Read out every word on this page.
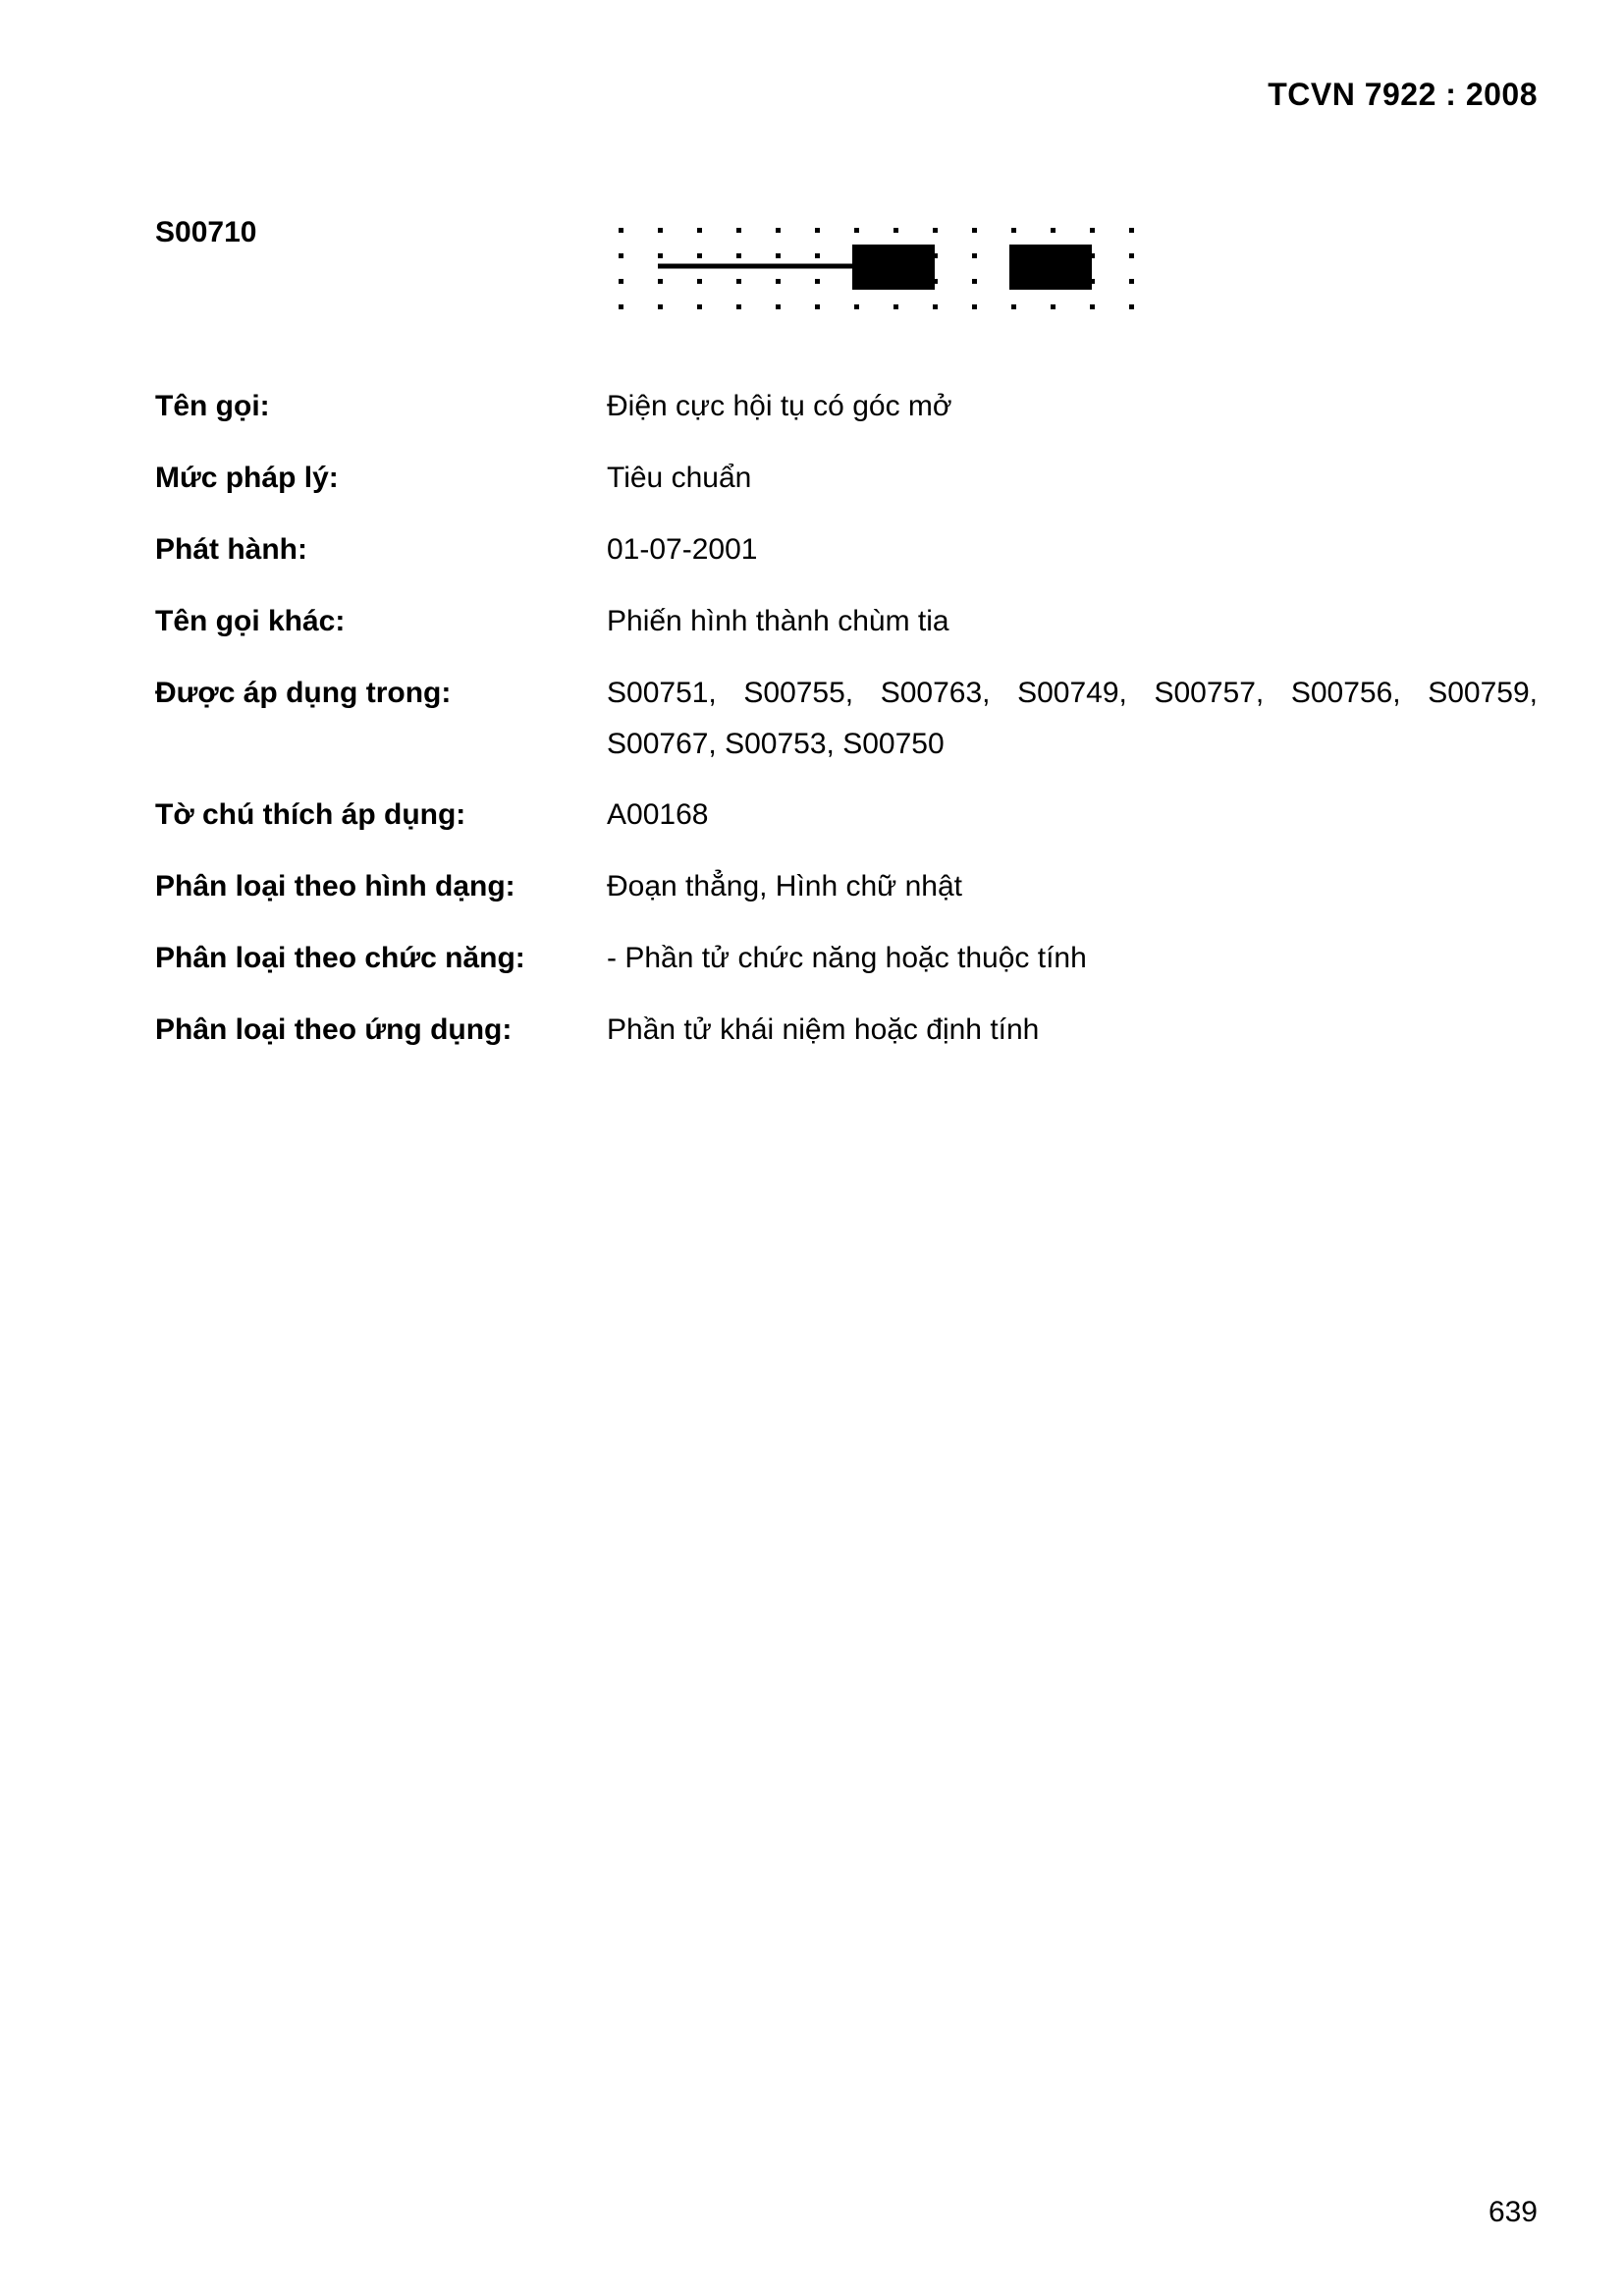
TCVN 7922 : 2008
S00710
Tên gọi:	Điện cực hội tụ có góc mở
Mức pháp lý:	Tiêu chuẩn
Phát hành:	01-07-2001
Tên gọi khác:	Phiến hình thành chùm tia
Được áp dụng trong:	S00751, S00755, S00763, S00749, S00757, S00756, S00759, S00767, S00753, S00750
Tờ chú thích áp dụng:	A00168
Phân loại theo hình dạng:	Đoạn thẳng, Hình chữ nhật
Phân loại theo chức năng:	- Phần tử chức năng hoặc thuộc tính
Phân loại theo ứng dụng:	Phần tử khái niệm hoặc định tính
639
